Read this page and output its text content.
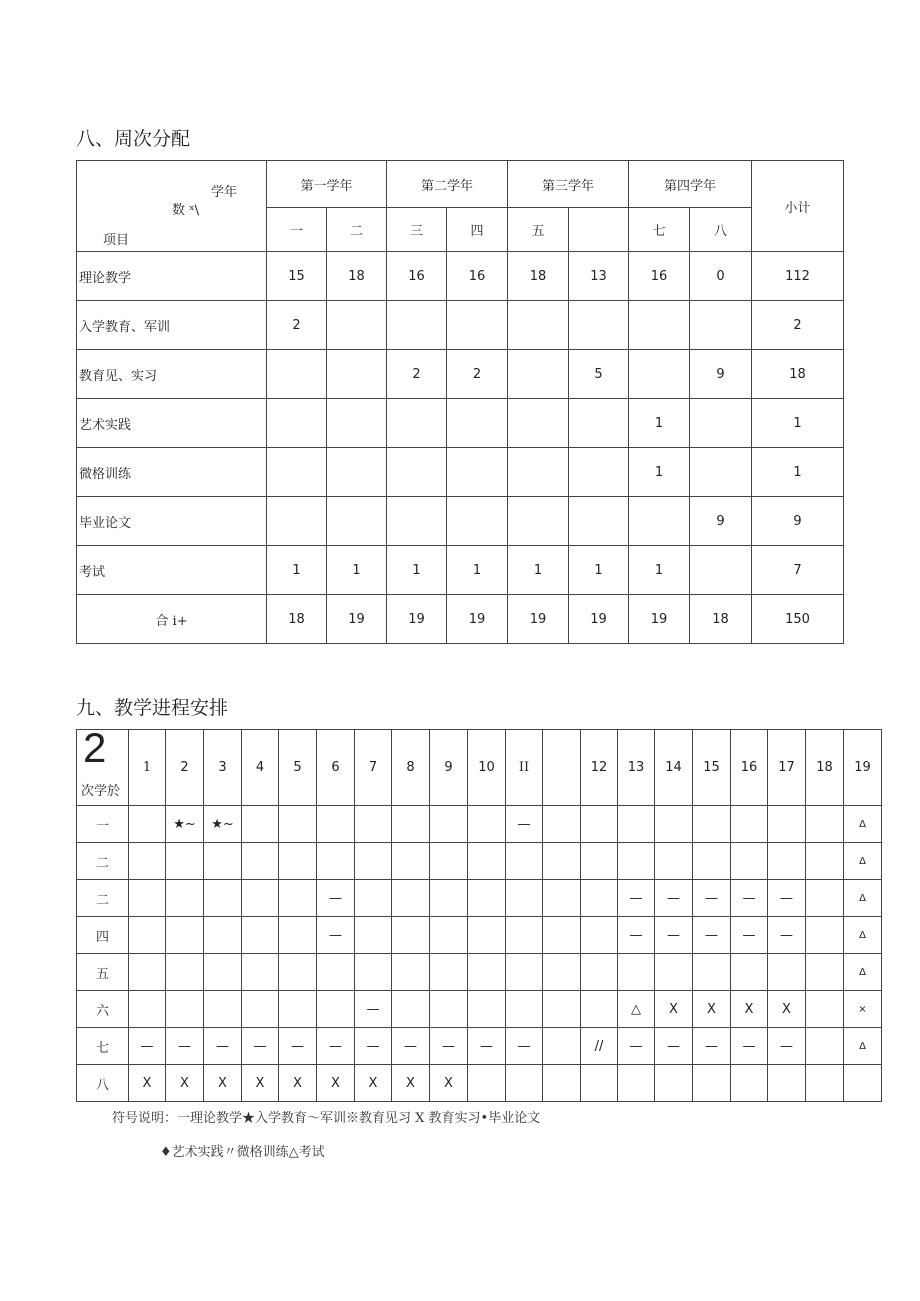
八、周次分配
学年
数 ˣ\
项目	第一学年		第二学年		第三学年		第四学年		小计
	一	二	三	四	五		七	八	
理论教学	15	18	16	16	18	13	16	0	112
入学教育、军训	2								2
教育见、实习			2	2		5		9	18
艺术实践							1		1
微格训练							1		1
毕业论文								9	9
考试	1	1	1	1	1	1	1		7
合 i+	18	19	19	19	19	19	19	18	150
九、教学进程安排
2
次学於	1	2	3	4	5	6	7	8	9	10	II		12	13	14	15	16	17	18	19
一		★~	★~								—									Δ
二																				Δ
二						—								—	—	—	—	—		Δ
四						—								—	—	—	—	—		Δ
五																				Δ
六							—							△	X	X	X	X		×
七	—	—	—	—	—	—	—	—	—	—	—		//	—	—	—	—	—		Δ
八	X	X	X	X	X	X	X	X	X											
符号说明：一理论教学★入学教育～军训※教育见习 X 教育实习•毕业论文
♦艺术实践〃微格训练△考试
